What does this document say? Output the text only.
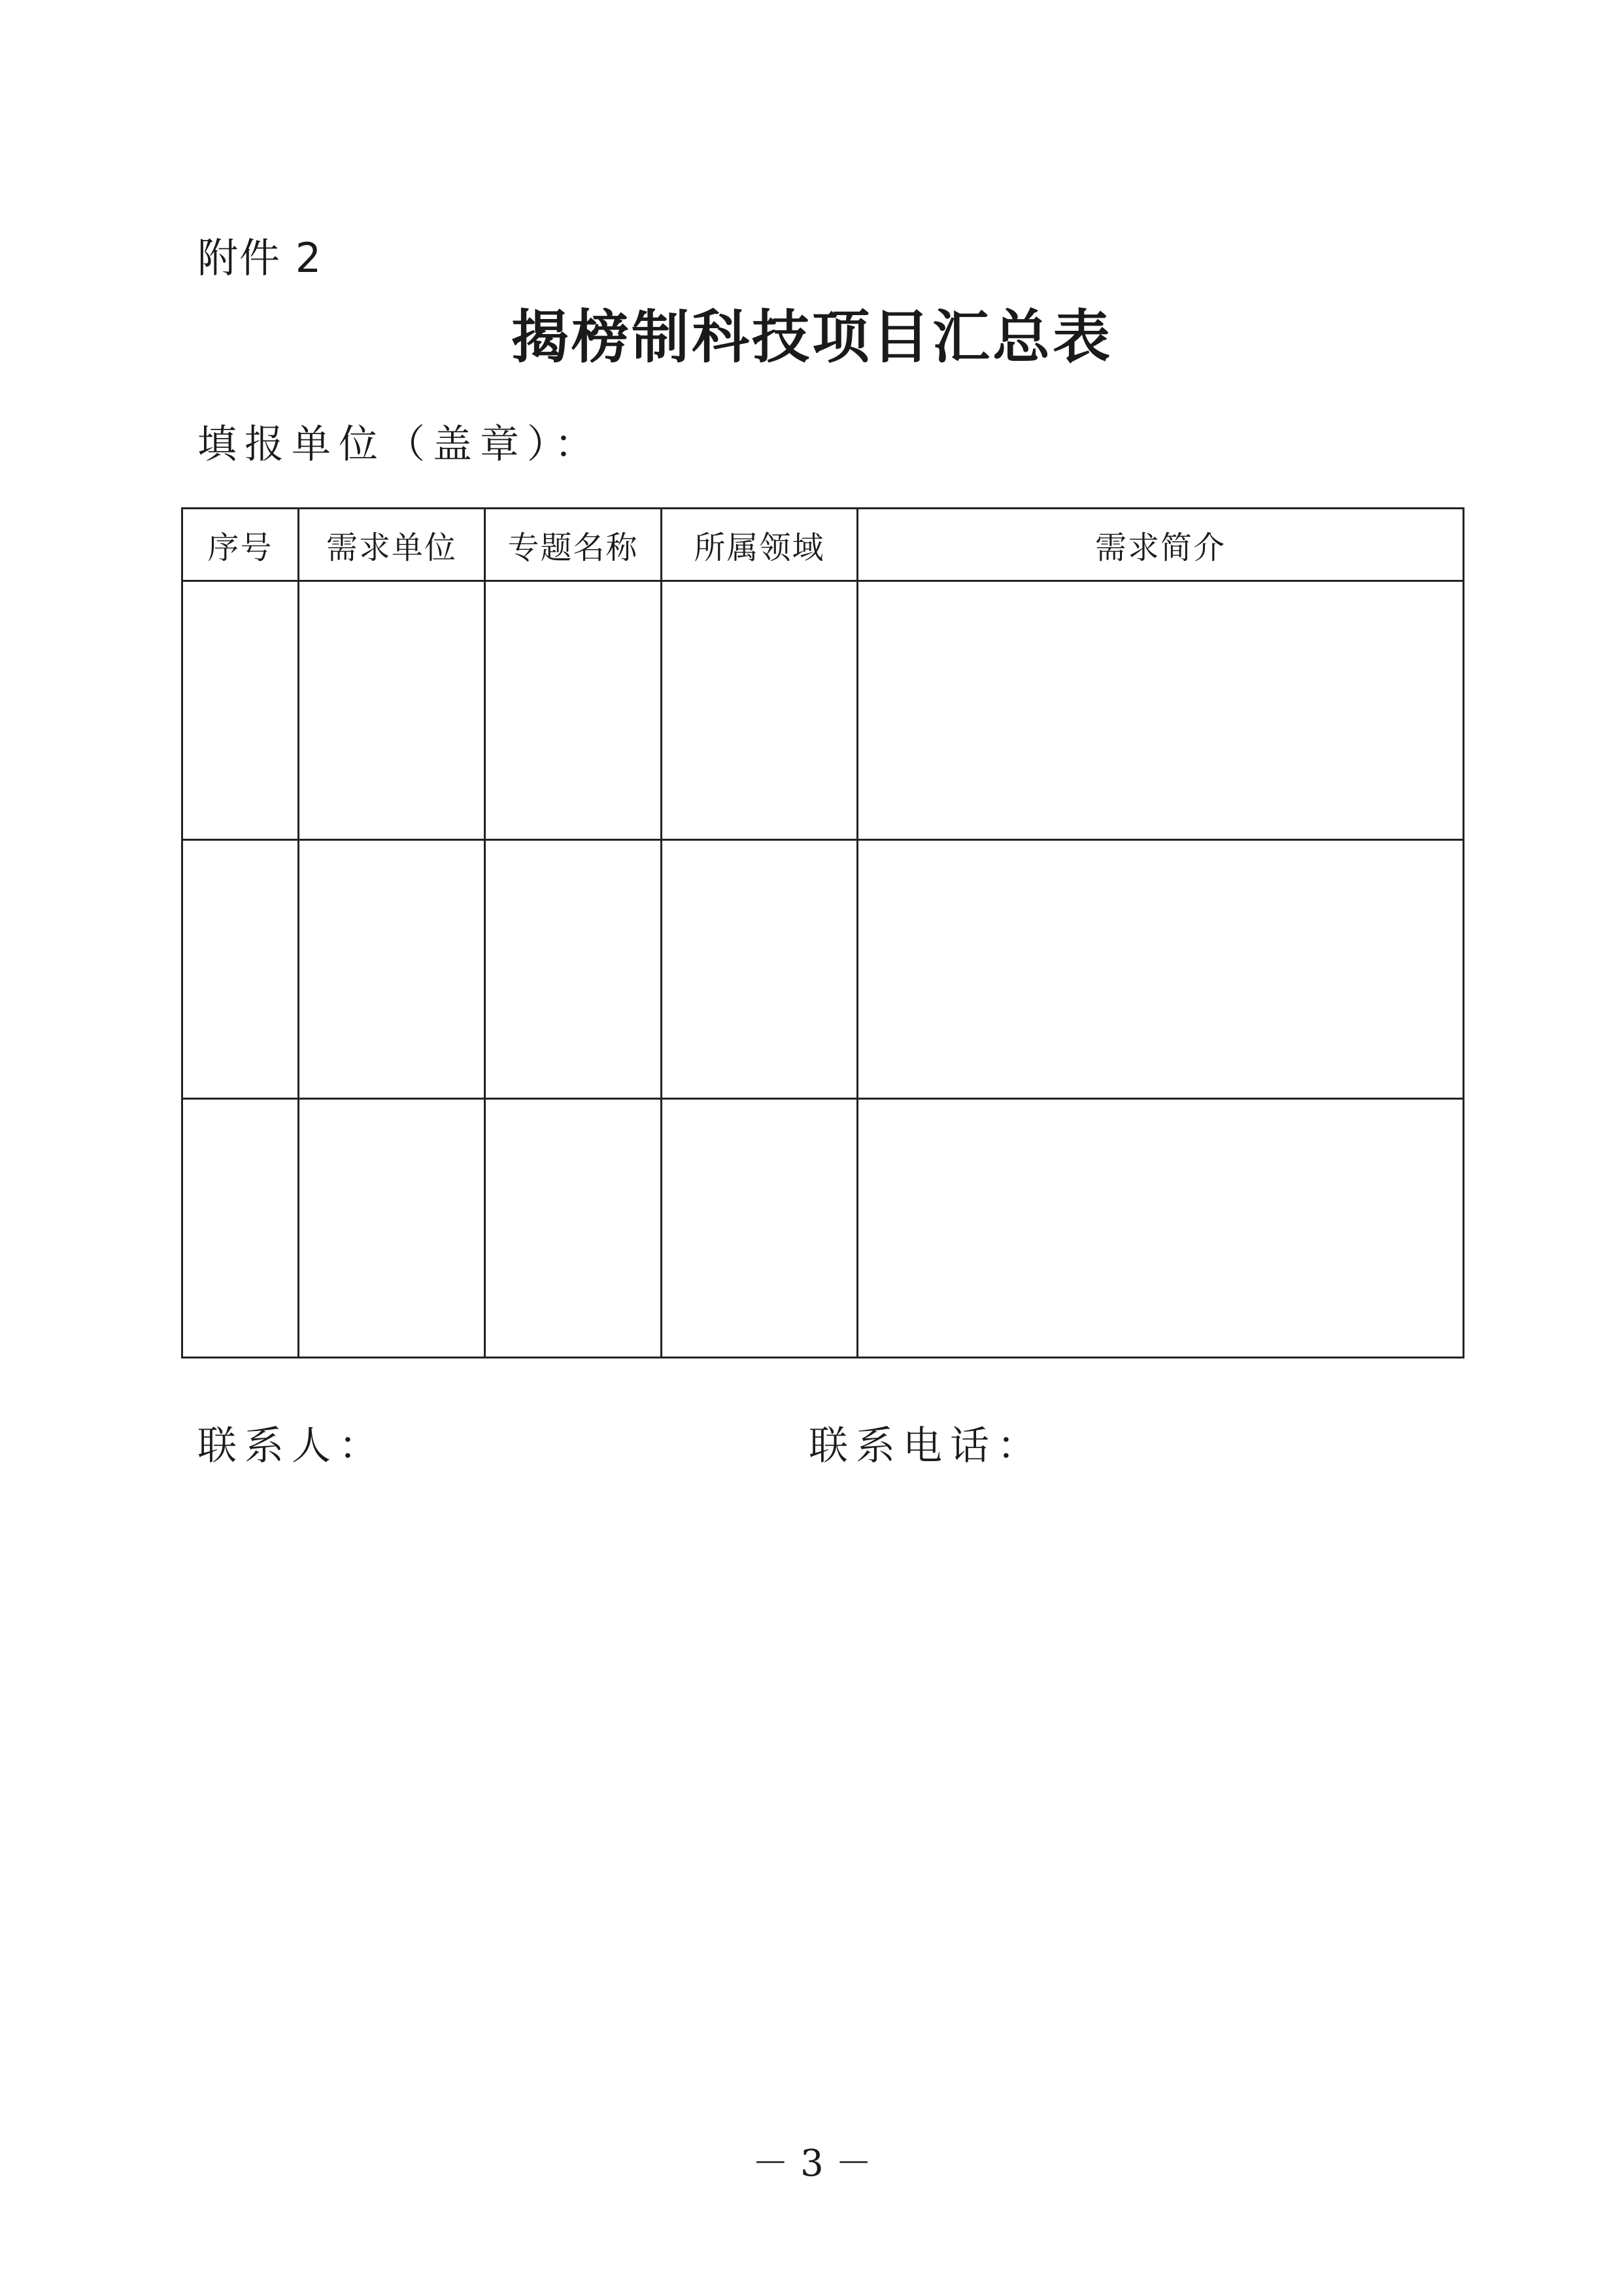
附件 2
揭榜制科技项目汇总表
填报单位（盖章）：
序号	需求单位	专题名称	所属领域	需求简介

联系人：	联系电话：
－ 3 －
